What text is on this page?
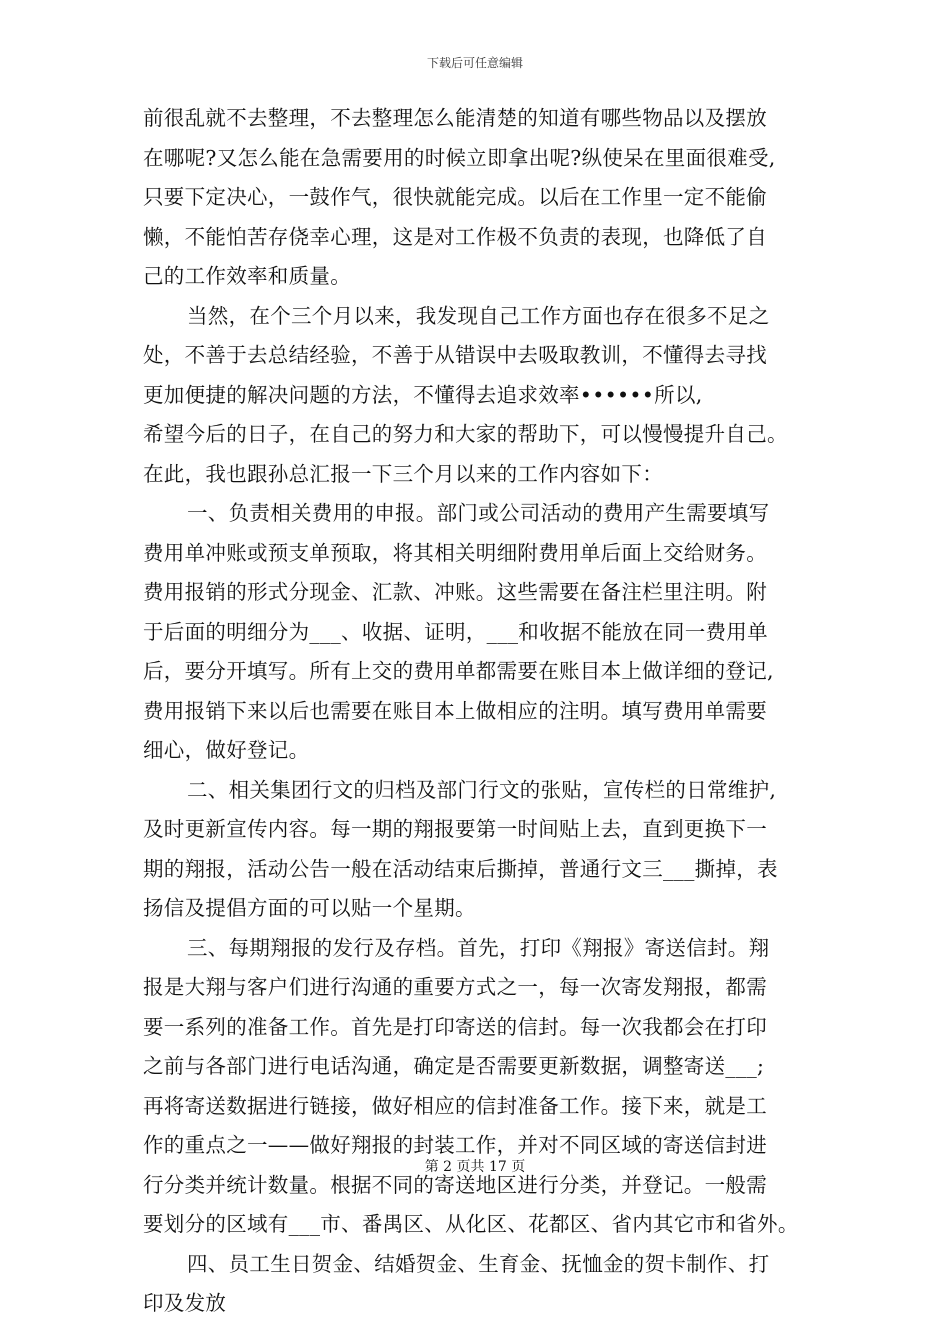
下载后可任意编辑
前很乱就不去整理，不去整理怎么能清楚的知道有哪些物品以及摆放
在哪呢?又怎么能在急需要用的时候立即拿出呢?纵使呆在里面很难受,
只要下定决心，一鼓作气，很快就能完成。以后在工作里一定不能偷
懒，不能怕苦存侥幸心理，这是对工作极不负责的表现，也降低了自
己的工作效率和质量。
当然，在个三个月以来，我发现自己工作方面也存在很多不足之
处，不善于去总结经验，不善于从错误中去吸取教训，不懂得去寻找
更加便捷的解决问题的方法，不懂得去追求效率••••••所以,
希望今后的日子，在自己的努力和大家的帮助下，可以慢慢提升自己。
在此，我也跟孙总汇报一下三个月以来的工作内容如下：
一、负责相关费用的申报。部门或公司活动的费用产生需要填写
费用单冲账或预支单预取，将其相关明细附费用单后面上交给财务。
费用报销的形式分现金、汇款、冲账。这些需要在备注栏里注明。附
于后面的明细分为___、收据、证明，___和收据不能放在同一费用单
后，要分开填写。所有上交的费用单都需要在账目本上做详细的登记,
费用报销下来以后也需要在账目本上做相应的注明。填写费用单需要
细心，做好登记。
二、相关集团行文的归档及部门行文的张贴，宣传栏的日常维护,
及时更新宣传内容。每一期的翔报要第一时间贴上去，直到更换下一
期的翔报，活动公告一般在活动结束后撕掉，普通行文三___撕掉，表
扬信及提倡方面的可以贴一个星期。
三、每期翔报的发行及存档。首先，打印《翔报》寄送信封。翔
报是大翔与客户们进行沟通的重要方式之一，每一次寄发翔报，都需
要一系列的准备工作。首先是打印寄送的信封。每一次我都会在打印
之前与各部门进行电话沟通，确定是否需要更新数据，调整寄送___;
再将寄送数据进行链接，做好相应的信封准备工作。接下来，就是工
作的重点之一——做好翔报的封装工作，并对不同区域的寄送信封进
行分类并统计数量。根据不同的寄送地区进行分类，并登记。一般需
要划分的区域有___市、番禺区、从化区、花都区、省内其它市和省外。
四、员工生日贺金、结婚贺金、生育金、抚恤金的贺卡制作、打
印及发放
第 2 页共 17 页
